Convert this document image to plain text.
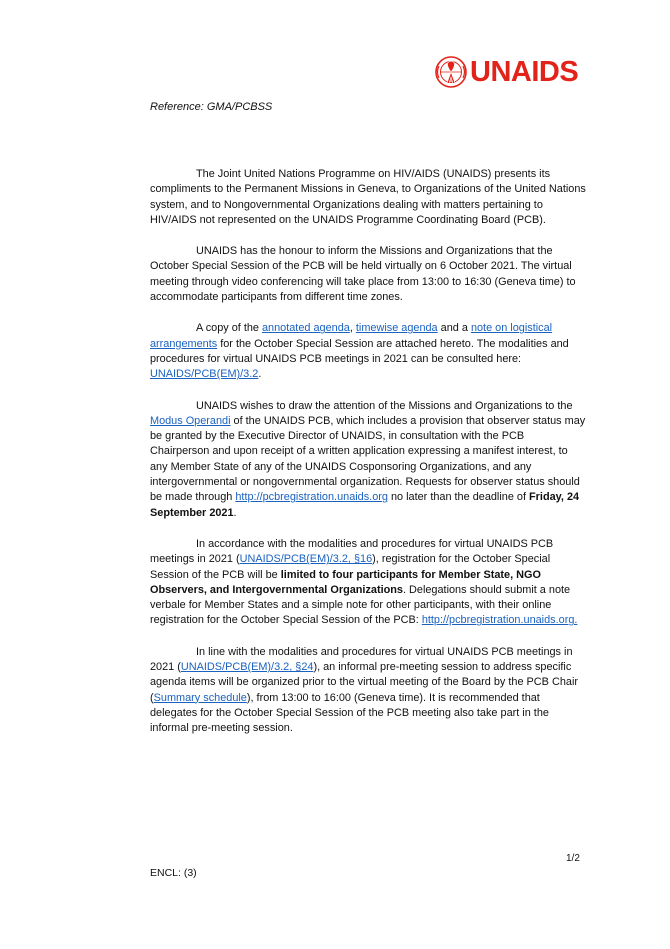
UNAIDS
Reference: GMA/PCBSS

The Joint United Nations Programme on HIV/AIDS (UNAIDS) presents its compliments to the Permanent Missions in Geneva, to Organizations of the United Nations system, and to Nongovernmental Organizations dealing with matters pertaining to HIV/AIDS not represented on the UNAIDS Programme Coordinating Board (PCB).

UNAIDS has the honour to inform the Missions and Organizations that the October Special Session of the PCB will be held virtually on 6 October 2021. The virtual meeting through video conferencing will take place from 13:00 to 16:30 (Geneva time) to accommodate participants from different time zones.

A copy of the annotated agenda, timewise agenda and a note on logistical arrangements for the October Special Session are attached hereto. The modalities and procedures for virtual UNAIDS PCB meetings in 2021 can be consulted here: UNAIDS/PCB(EM)/3.2.

UNAIDS wishes to draw the attention of the Missions and Organizations to the Modus Operandi of the UNAIDS PCB, which includes a provision that observer status may be granted by the Executive Director of UNAIDS, in consultation with the PCB Chairperson and upon receipt of a written application expressing a manifest interest, to any Member State of any of the UNAIDS Cosponsoring Organizations, and any intergovernmental or nongovernmental organization. Requests for observer status should be made through http://pcbregistration.unaids.org no later than the deadline of Friday, 24 September 2021.

In accordance with the modalities and procedures for virtual UNAIDS PCB meetings in 2021 (UNAIDS/PCB(EM)/3.2, §16), registration for the October Special Session of the PCB will be limited to four participants for Member State, NGO Observers, and Intergovernmental Organizations. Delegations should submit a note verbale for Member States and a simple note for other participants, with their online registration for the October Special Session of the PCB: http://pcbregistration.unaids.org.

In line with the modalities and procedures for virtual UNAIDS PCB meetings in 2021 (UNAIDS/PCB(EM)/3.2, §24), an informal pre-meeting session to address specific agenda items will be organized prior to the virtual meeting of the Board by the PCB Chair (Summary schedule), from 13:00 to 16:00 (Geneva time). It is recommended that delegates for the October Special Session of the PCB meeting also take part in the informal pre-meeting session.

1/2
ENCL: (3)
